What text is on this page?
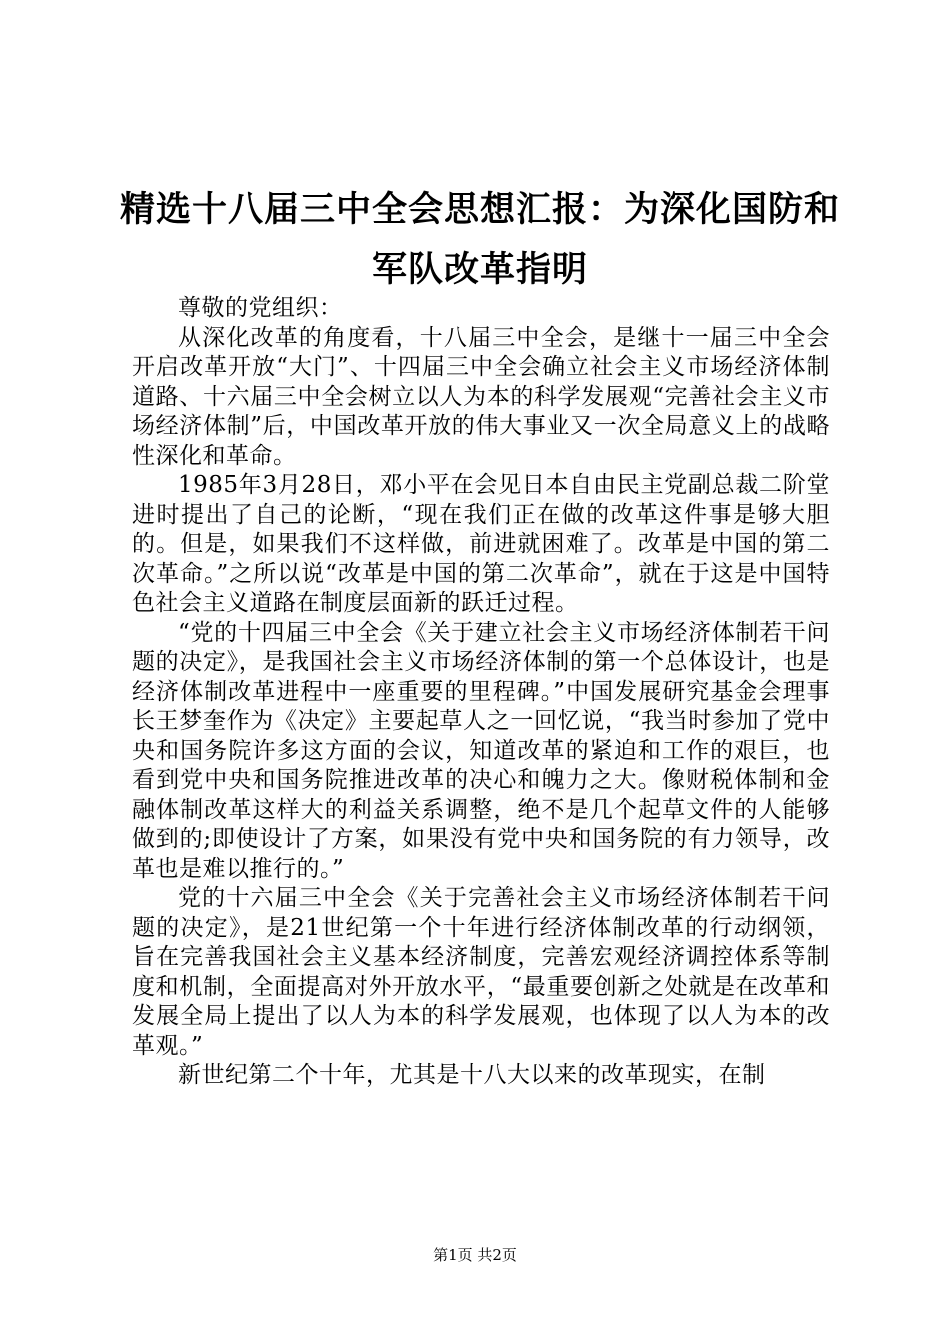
精选十八届三中全会思想汇报：为深化国防和
军队改革指明

尊敬的党组织：

从深化改革的角度看，十八届三中全会，是继十一届三中全会开启改革开放“大门”、十四届三中全会确立社会主义市场经济体制道路、十六届三中全会树立以人为本的科学发展观“完善社会主义市场经济体制”后，中国改革开放的伟大事业又一次全局意义上的战略性深化和革命。

1985年3月28日，邓小平在会见日本自由民主党副总裁二阶堂进时提出了自己的论断，“现在我们正在做的改革这件事是够大胆的。但是，如果我们不这样做，前进就困难了。改革是中国的第二次革命。”之所以说“改革是中国的第二次革命”，就在于这是中国特色社会主义道路在制度层面新的跃迁过程。

“党的十四届三中全会《关于建立社会主义市场经济体制若干问题的决定》，是我国社会主义市场经济体制的第一个总体设计，也是经济体制改革进程中一座重要的里程碑。”中国发展研究基金会理事长王梦奎作为《决定》主要起草人之一回忆说，“我当时参加了党中央和国务院许多这方面的会议，知道改革的紧迫和工作的艰巨，也看到党中央和国务院推进改革的决心和魄力之大。像财税体制和金融体制改革这样大的利益关系调整，绝不是几个起草文件的人能够做到的;即使设计了方案，如果没有党中央和国务院的有力领导，改革也是难以推行的。”

党的十六届三中全会《关于完善社会主义市场经济体制若干问题的决定》，是21世纪第一个十年进行经济体制改革的行动纲领，旨在完善我国社会主义基本经济制度，完善宏观经济调控体系等制度和机制，全面提高对外开放水平，“最重要创新之处就是在改革和发展全局上提出了以人为本的科学发展观，也体现了以人为本的改革观。”

新世纪第二个十年，尤其是十八大以来的改革现实，在制

第1页 共2页
